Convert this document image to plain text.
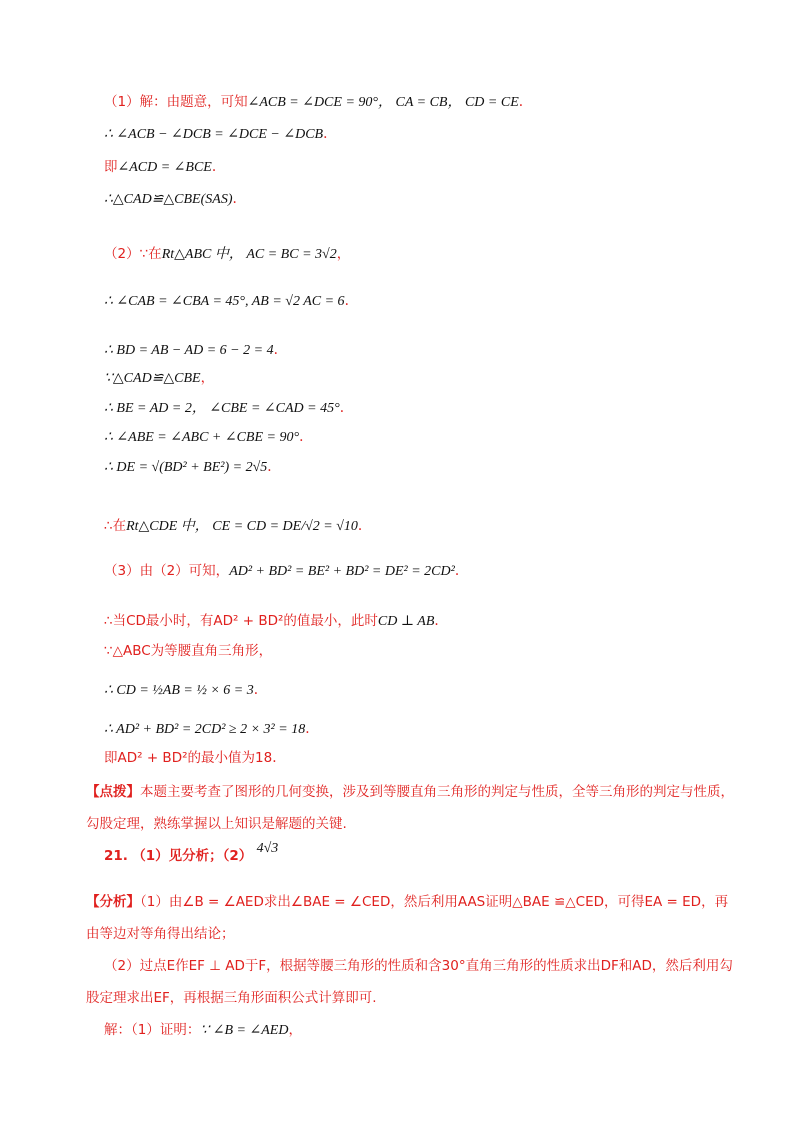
（1）解：由题意，可知∠ACB = ∠DCE = 90°， CA = CB， CD = CE.
∴ ∠ACB − ∠DCB = ∠DCE − ∠DCB.
即∠ACD = ∠BCE.
∴△CAD≌△CBE(SAS).
（2）∵在Rt△ABC 中， AC = BC = 3√2，
∴ ∠CAB = ∠CBA = 45°, AB = √2 AC = 6.
∴ BD = AB − AD = 6 − 2 = 4.
∵△CAD≌△CBE，
∴ BE = AD = 2， ∠CBE = ∠CAD = 45°.
∴ ∠ABE = ∠ABC + ∠CBE = 90°.
∴ DE = √(BD² + BE²) = 2√5.
∴在Rt△CDE 中， CE = CD = DE/√2 = √10.
（3）由（2）可知，AD² + BD² = BE² + BD² = DE² = 2CD².
∴当CD最小时，有AD² + BD²的值最小，此时CD ⊥ AB.
∵△ABC为等腰直角三角形，
∴ CD = ½AB = ½ × 6 = 3.
∴ AD² + BD² = 2CD² ≥ 2 × 3² = 18.
即AD² + BD²的最小值为18.
【点拨】本题主要考查了图形的几何变换，涉及到等腰直角三角形的判定与性质，全等三角形的判定与性质，勾股定理，熟练掌握以上知识是解题的关键.
21. （1）见分析；（2） 4√3
【分析】（1）由∠B = ∠AED求出∠BAE = ∠CED，然后利用AAS证明△BAE ≌△CED，可得EA = ED，再由等边对等角得出结论；
（2）过点E作EF ⊥ AD于F，根据等腰三角形的性质和含30°直角三角形的性质求出DF和AD，然后利用勾股定理求出EF，再根据三角形面积公式计算即可.
解：（1）证明：∵ ∠B = ∠AED，
